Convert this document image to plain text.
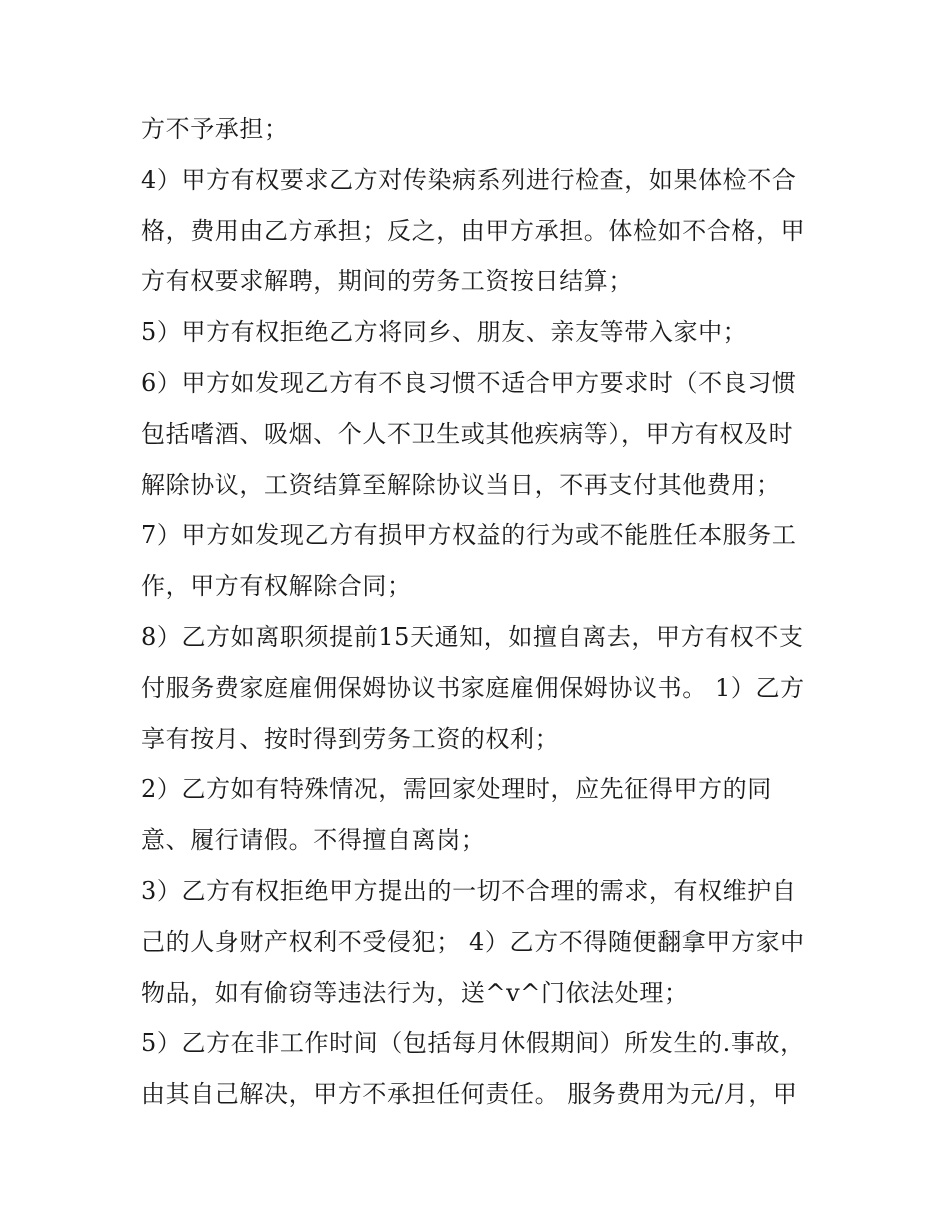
方不予承担；
4）甲方有权要求乙方对传染病系列进行检查，如果体检不合
格，费用由乙方承担；反之，由甲方承担。体检如不合格，甲
方有权要求解聘，期间的劳务工资按日结算；
5）甲方有权拒绝乙方将同乡、朋友、亲友等带入家中；
6）甲方如发现乙方有不良习惯不适合甲方要求时（不良习惯
包括嗜酒、吸烟、个人不卫生或其他疾病等），甲方有权及时
解除协议，工资结算至解除协议当日，不再支付其他费用；
7）甲方如发现乙方有损甲方权益的行为或不能胜任本服务工
作，甲方有权解除合同；
8）乙方如离职须提前15天通知，如擅自离去，甲方有权不支
付服务费家庭雇佣保姆协议书家庭雇佣保姆协议书。 1）乙方
享有按月、按时得到劳务工资的权利；
2）乙方如有特殊情况，需回家处理时，应先征得甲方的同
意、履行请假。不得擅自离岗；
3）乙方有权拒绝甲方提出的一切不合理的需求，有权维护自
己的人身财产权利不受侵犯； 4）乙方不得随便翻拿甲方家中
物品，如有偷窃等违法行为，送^v^门依法处理；
5）乙方在非工作时间（包括每月休假期间）所发生的.事故，
由其自己解决，甲方不承担任何责任。 服务费用为元/月，甲
